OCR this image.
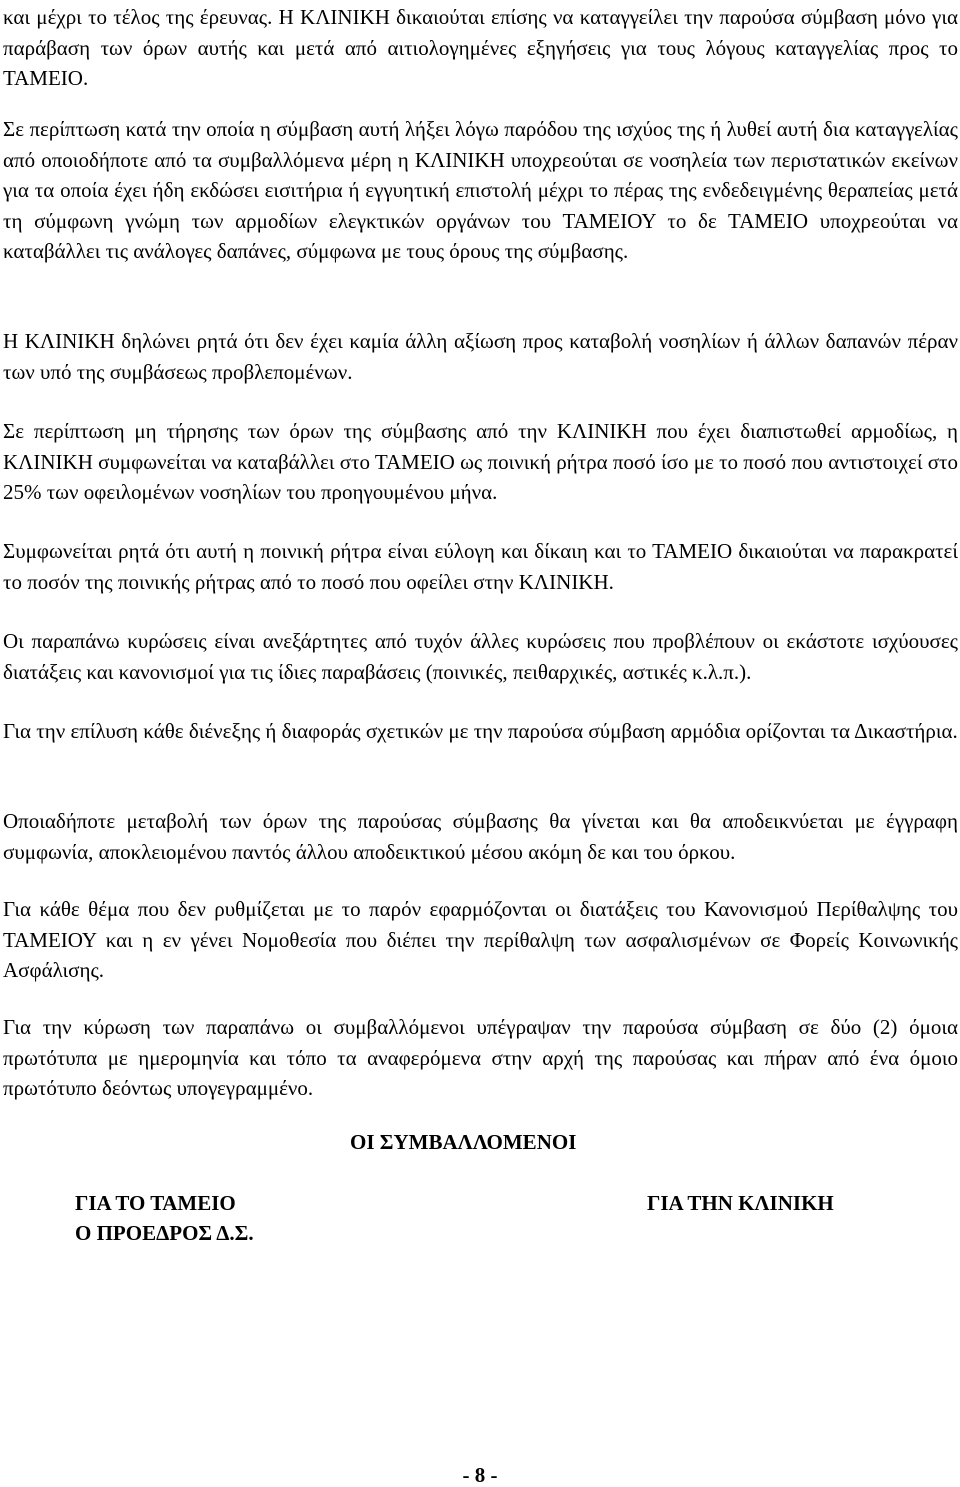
και μέχρι το τέλος της έρευνας. Η ΚΛΙΝΙΚΗ δικαιούται επίσης να καταγγείλει την παρούσα σύμβαση μόνο για παράβαση των όρων αυτής και μετά από αιτιολογημένες εξηγήσεις για τους λόγους καταγγελίας προς το ΤΑΜΕΙΟ.

Σε περίπτωση κατά την οποία η σύμβαση αυτή λήξει λόγω παρόδου της ισχύος της ή λυθεί αυτή δια καταγγελίας από οποιοδήποτε από τα συμβαλλόμενα μέρη η ΚΛΙΝΙΚΗ υποχρεούται σε νοσηλεία των περιστατικών εκείνων για τα οποία έχει ήδη εκδώσει εισιτήρια ή εγγυητική επιστολή μέχρι το πέρας της ενδεδειγμένης θεραπείας μετά τη σύμφωνη γνώμη των αρμοδίων ελεγκτικών οργάνων του ΤΑΜΕΙΟΥ το δε ΤΑΜΕΙΟ υποχρεούται να καταβάλλει τις ανάλογες δαπάνες, σύμφωνα με τους όρους της σύμβασης.

Η ΚΛΙΝΙΚΗ δηλώνει ρητά ότι δεν έχει καμία άλλη αξίωση προς καταβολή νοσηλίων ή άλλων δαπανών πέραν των υπό της συμβάσεως προβλεπομένων.

Σε περίπτωση μη τήρησης των όρων της σύμβασης από την ΚΛΙΝΙΚΗ που έχει διαπιστωθεί αρμοδίως, η ΚΛΙΝΙΚΗ συμφωνείται να καταβάλλει στο ΤΑΜΕΙΟ ως ποινική ρήτρα ποσό ίσο με το ποσό που αντιστοιχεί στο 25% των οφειλομένων νοσηλίων του προηγουμένου μήνα.

Συμφωνείται ρητά ότι αυτή η ποινική ρήτρα είναι εύλογη και δίκαιη και το ΤΑΜΕΙΟ δικαιούται να παρακρατεί το ποσόν της ποινικής ρήτρας από το ποσό που οφείλει στην ΚΛΙΝΙΚΗ.

Οι παραπάνω κυρώσεις είναι ανεξάρτητες από τυχόν άλλες κυρώσεις που προβλέπουν οι εκάστοτε ισχύουσες διατάξεις και κανονισμοί για τις ίδιες παραβάσεις (ποινικές, πειθαρχικές, αστικές κ.λ.π.).

Για την επίλυση κάθε διένεξης ή διαφοράς σχετικών με την παρούσα σύμβαση αρμόδια ορίζονται τα Δικαστήρια.

Οποιαδήποτε μεταβολή των όρων της παρούσας σύμβασης θα γίνεται και θα αποδεικνύεται με έγγραφη συμφωνία, αποκλειομένου παντός άλλου αποδεικτικού μέσου ακόμη δε και του όρκου.

Για κάθε θέμα που δεν ρυθμίζεται με το παρόν εφαρμόζονται οι διατάξεις του Κανονισμού Περίθαλψης του ΤΑΜΕΙΟΥ και η εν γένει Νομοθεσία που διέπει την περίθαλψη των ασφαλισμένων σε Φορείς Κοινωνικής Ασφάλισης.

Για την κύρωση των παραπάνω οι συμβαλλόμενοι υπέγραψαν την παρούσα σύμβαση σε δύο (2) όμοια πρωτότυπα με ημερομηνία και τόπο τα αναφερόμενα στην αρχή της παρούσας και πήραν από ένα όμοιο πρωτότυπο δεόντως υπογεγραμμένο.

ΟΙ ΣΥΜΒΑΛΛΟΜΕΝΟΙ

ΓΙΑ ΤΟ ΤΑΜΕΙΟ
Ο ΠΡΟΕΔΡΟΣ Δ.Σ.
ΓΙΑ ΤΗΝ ΚΛΙΝΙΚΗ
- 8 -
